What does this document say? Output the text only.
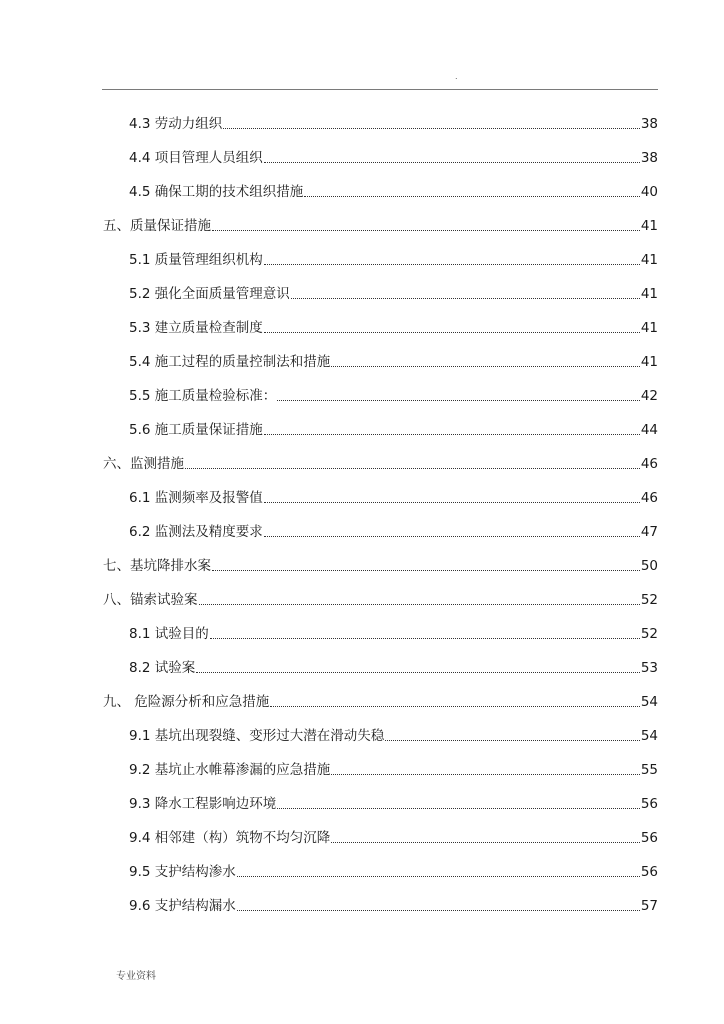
.
4.3 劳动力组织	38
4.4 项目管理人员组织	38
4.5 确保工期的技术组织措施	40
五、质量保证措施	41
5.1 质量管理组织机构	41
5.2 强化全面质量管理意识	41
5.3 建立质量检查制度	41
5.4 施工过程的质量控制法和措施	41
5.5 施工质量检验标准：	42
5.6 施工质量保证措施	44
六、监测措施	46
6.1 监测频率及报警值	46
6.2 监测法及精度要求	47
七、基坑降排水案	50
八、锚索试验案	52
8.1 试验目的	52
8.2 试验案	53
九、 危险源分析和应急措施	54
9.1 基坑出现裂缝、变形过大潜在滑动失稳	54
9.2 基坑止水帷幕渗漏的应急措施	55
9.3 降水工程影响边环境	56
9.4 相邻建（构）筑物不均匀沉降	56
9.5 支护结构渗水	56
9.6 支护结构漏水	57
专业资料
